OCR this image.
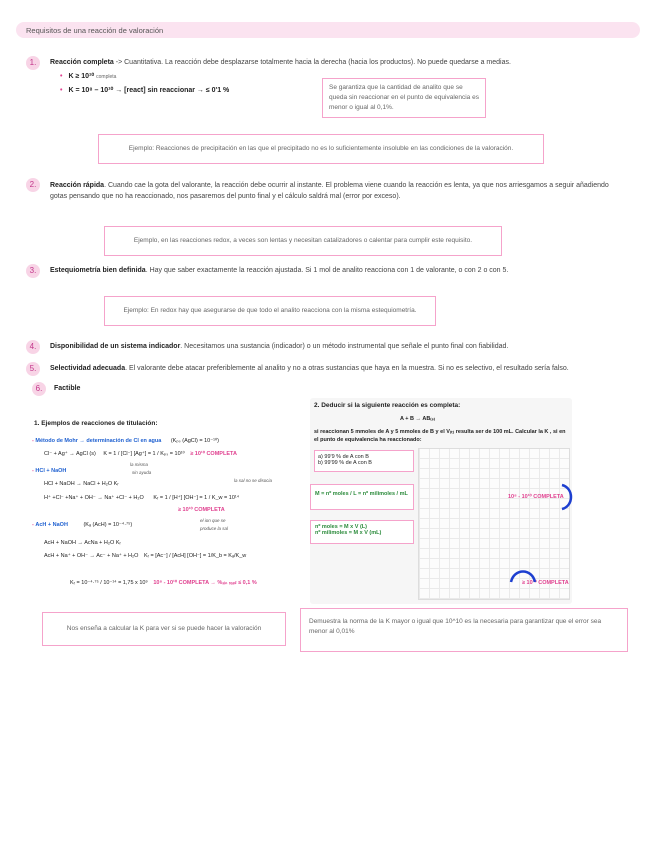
Requisitos de una reacción de valoración
1.	Reacción completa -> Cuantitativa. La reacción debe desplazarse totalmente hacia la derecha (hacia los productos). No puede quedarse a medias.
• K ≥ 10¹⁰ completa
• K = 10⁸ – 10¹⁰ → [react] sin reaccionar → ≤ 0'1 %	Se garantiza que la cantidad de analito que se queda sin reaccionar en el punto de equivalencia es menor o igual al 0,1%.
Ejemplo: Reacciones de precipitación en las que el precipitado no es lo suficientemente insoluble en las condiciones de la valoración.
2.	Reacción rápida. Cuando cae la gota del valorante, la reacción debe ocurrir al instante. El problema viene cuando la reacción es lenta, ya que nos arriesgamos a seguir añadiendo gotas pensando que no ha reaccionado, nos pasaremos del punto final y el cálculo saldrá mal (error por exceso).
Ejemplo, en las reacciones redox, a veces son lentas y necesitan catalizadores o calentar para cumplir este requisito.
3.	Estequiometría bien definida. Hay que saber exactamente la reacción ajustada. Si 1 mol de analito reacciona con 1 de valorante, o con 2 o con 5.
Ejemplo: En redox hay que asegurarse de que todo el analito reacciona con la misma estequiometría.
4.	Disponibilidad de un sistema indicador. Necesitamos una sustancia (indicador) o un método instrumental que señale el punto final con fiabilidad.
5.	Selectividad adecuada. El valorante debe atacar preferiblemente al analito y no a otras sustancias que haya en la muestra. Si no es selectivo, el resultado sería falso.
6.	Factible
1. Ejemplos de reacciones de titulación:
- Método de Mohr → determinación de Cl en agua (Kₚₛ (AgCl) = 10⁻¹⁰)
Cl⁻ + Ag⁺ → AgCl (s) K = 1 / [Cl⁻] [Ag⁺] = 1 / Kₚₛ = 10¹⁰ ≥ 10¹⁰ COMPLETA
- HCl + NaOH
la misma
sin ayuda
HCl + NaOH → NaCl + H₂O Kᵣ
la sal no se disocia
H⁺ +Cl⁻ +Na⁺ + OH⁻ → Na⁺ +Cl⁻ + H₂O Kᵣ = 1 / [H⁺] [OH⁻] = 1 / K_w = 10¹⁴
≥ 10¹⁰ COMPLETA
- AcH + NaOH	(Kₐ (AcH) = 10⁻⁴·⁷⁵)
el ion que se
produce la sal
AcH + NaOH → AcNa + H₂O Kᵣ
AcH + Na⁺ + OH⁻ → Ac⁻ + Na⁺ + H₂O Kᵣ = [Ac⁻] / [AcH] [OH⁻] = 1/K_b = Kₐ/K_w
Kᵣ = 10⁻⁴·⁷⁵ / 10⁻¹⁴ = 1,75 x 10⁹ 10⁸ - 10¹⁰ COMPLETA → %ₛᵢₙ ᵣₑₐ𝒸 ≤ 0,1 %
2. Deducir si la siguiente reacción es completa:
A + B → AB₍ₛ₎
si reaccionan 5 mmoles de A y 5 mmoles de B y el V₍ₜ₎ resulta ser de 100 mL. Calcular la K , si en el punto de equivalencia ha reaccionado:
a) 99'9 % de A con B
b) 99'99 % de A con B
M = nº moles / L = nº milimoles / mL
nº moles = M x V (L)
nº milimoles = M x V (mL)
10⁸ - 10¹⁰ COMPLETA
≥ 10¹⁰ COMPLETA
Nos enseña a calcular la K para ver si se puede hacer la valoración
Demuestra la norma de la K mayor o igual que 10^10 es la necesaria para garantizar que el error sea menor al 0,01%
